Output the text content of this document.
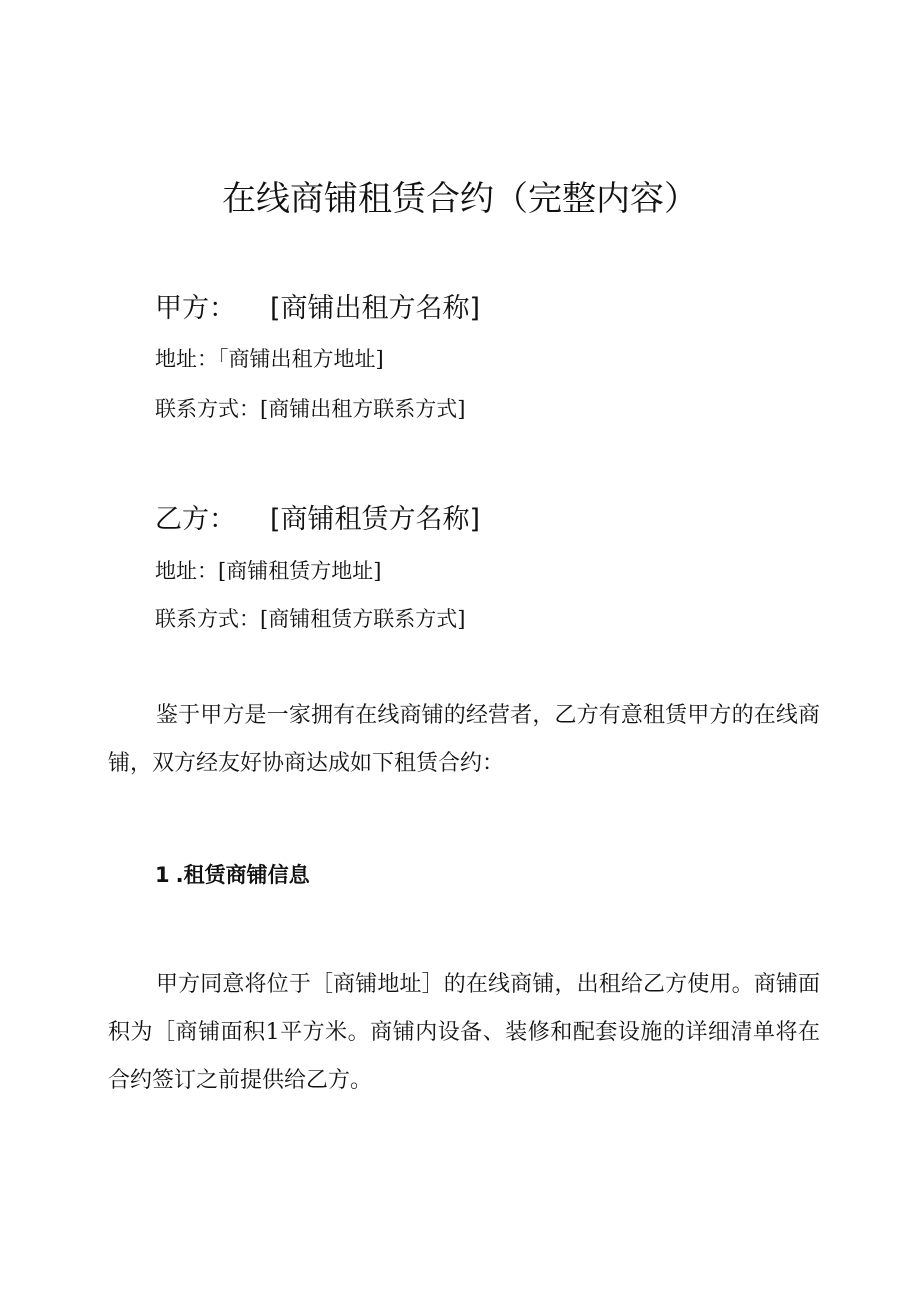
在线商铺租赁合约（完整内容）
甲方： [商铺出租方名称]
地址：「商铺出租方地址]
联系方式：[商铺出租方联系方式]
乙方： [商铺租赁方名称]
地址：[商铺租赁方地址]
联系方式：[商铺租赁方联系方式]

鉴于甲方是一家拥有在线商铺的经营者，乙方有意租赁甲方的在线商铺，双方经友好协商达成如下租赁合约：

1 .租赁商铺信息

甲方同意将位于［商铺地址］的在线商铺，出租给乙方使用。商铺面积为［商铺面积1平方米。商铺内设备、装修和配套设施的详细清单将在合约签订之前提供给乙方。
